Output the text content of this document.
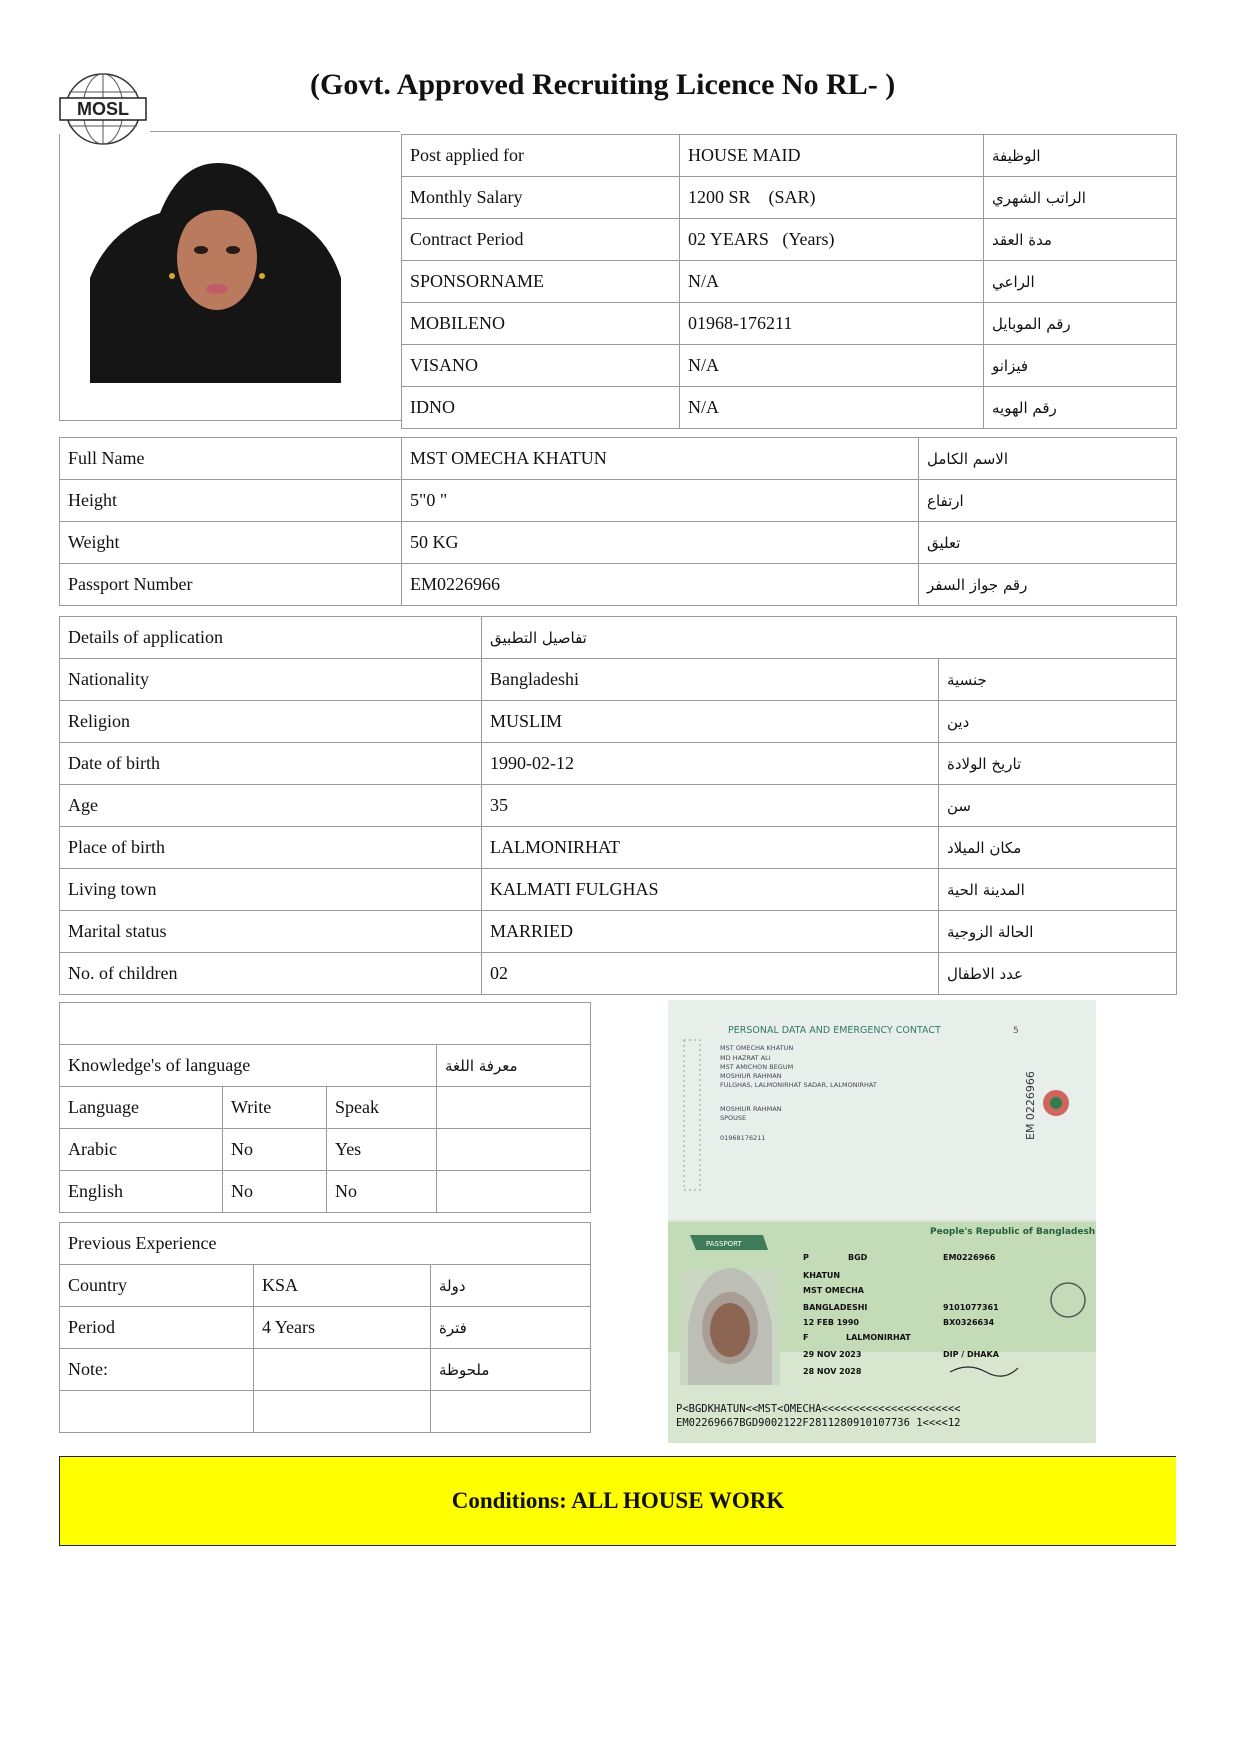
MOSL
(Govt. Approved Recruiting Licence No RL- )
Post applied for	HOUSE MAID	الوظيفة
Monthly Salary	1200 SR    (SAR)	الراتب الشهري
Contract Period	02 YEARS   (Years)	مدة العقد
SPONSORNAME	N/A	الراعي
MOBILENO	01968-176211	رقم الموبايل
VISANO	N/A	فيزانو
IDNO	N/A	رقم الهويه
Full Name	MST OMECHA KHATUN	الاسم الكامل
Height	5"0 "	ارتفاع
Weight	50 KG	تعليق
Passport Number	EM0226966	رقم جواز السفر
Details of application	تفاصيل التطبيق	
Nationality	Bangladeshi	جنسية
Religion	MUSLIM	دين
Date of birth	1990-02-12	تاريخ الولادة
Age	35	سن
Place of birth	LALMONIRHAT	مكان الميلاد
Living town	KALMATI FULGHAS	المدينة الحية
Marital status	MARRIED	الحالة الزوجية
No. of children	02	عدد الاطفال

Knowledge's of language			معرفة اللغة
Language	Write	Speak	
Arabic	No	Yes	
English	No	No	
Previous Experience		
Country	KSA	دولة
Period	4 Years	فترة
Note:		ملحوظة

PERSONAL DATA AND EMERGENCY CONTACT	5
MST OMECHA KHATUN
MD HAZRAT ALI
MST AMICHON BEGUM
MOSHIUR RAHMAN
FULGHAS, LALMONIRHAT SADAR, LALMONIRHAT
MOSHIUR RAHMAN
SPOUSE
01968176211	EM 0226966
PASSPORT
People's Republic of Bangladesh
P	BGD	EM0226966
KHATUN
MST OMECHA
BANGLADESHI	9101077361
12 FEB 1990	BX0326634
F	LALMONIRHAT
29 NOV 2023	DIP / DHAKA
28 NOV 2028
P<BGDKHATUN<<MST<OMECHA<<<<<<<<<<<<<<<<<<<<<<
EM02269667BGD9002122F2811280910107736 1<<<<12
Conditions: ALL HOUSE WORK
